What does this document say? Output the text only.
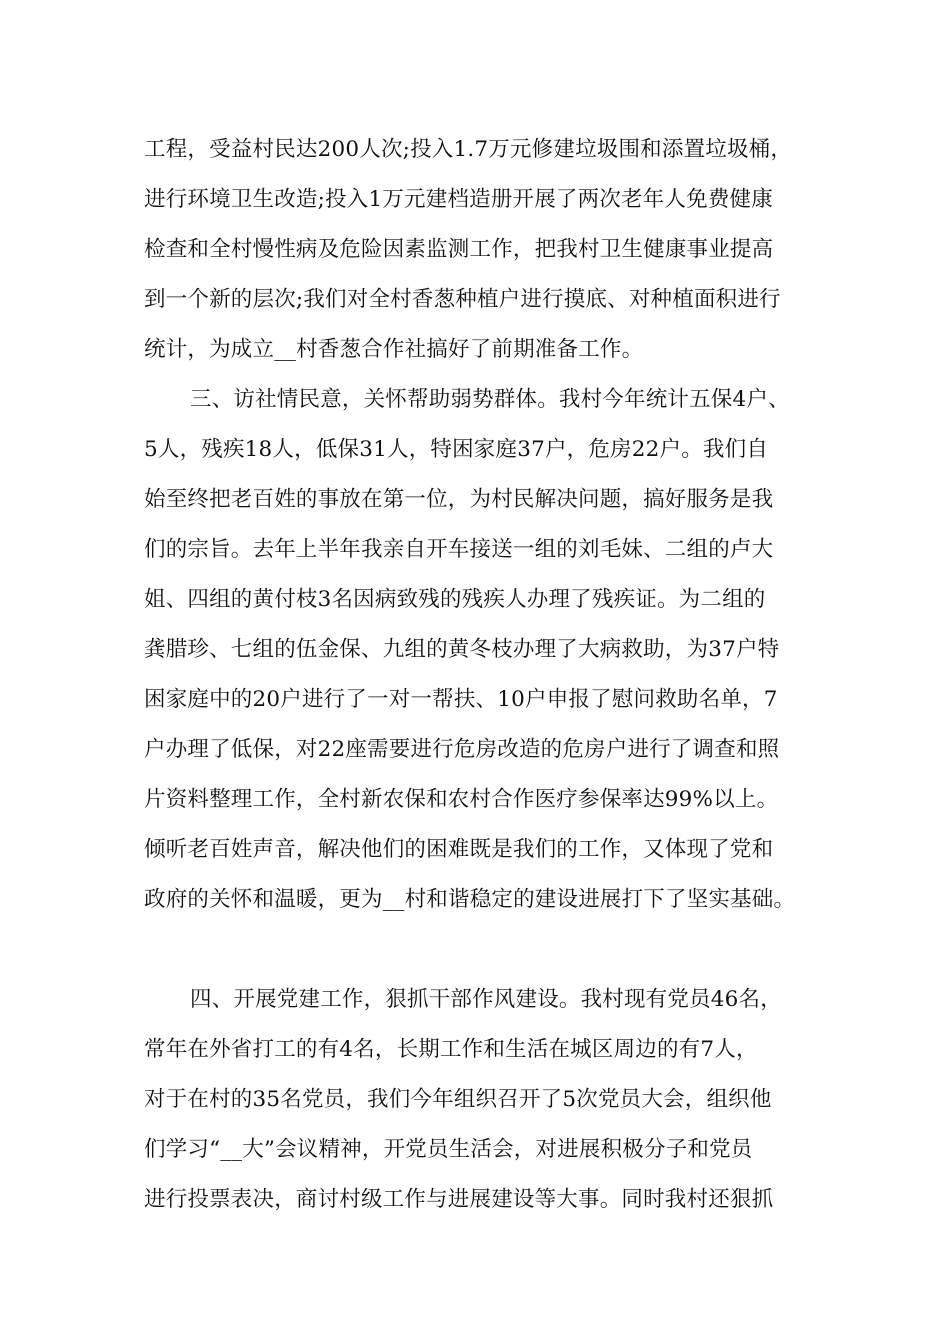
工程，受益村民达200人次;投入1.7万元修建垃圾围和添置垃圾桶，
进行环境卫生改造;投入1万元建档造册开展了两次老年人免费健康
检查和全村慢性病及危险因素监测工作，把我村卫生健康事业提高
到一个新的层次;我们对全村香葱种植户进行摸底、对种植面积进行
统计，为成立__村香葱合作社搞好了前期准备工作。
三、访社情民意，关怀帮助弱势群体。我村今年统计五保4户、
5人，残疾18人，低保31人，特困家庭37户，危房22户。我们自
始至终把老百姓的事放在第一位，为村民解决问题，搞好服务是我
们的宗旨。去年上半年我亲自开车接送一组的刘毛妹、二组的卢大
姐、四组的黄付枝3名因病致残的残疾人办理了残疾证。为二组的
龚腊珍、七组的伍金保、九组的黄冬枝办理了大病救助，为37户特
困家庭中的20户进行了一对一帮扶、10户申报了慰问救助名单，7
户办理了低保，对22座需要进行危房改造的危房户进行了调查和照
片资料整理工作，全村新农保和农村合作医疗参保率达99%以上。
倾听老百姓声音，解决他们的困难既是我们的工作，又体现了党和
政府的关怀和温暖，更为__村和谐稳定的建设进展打下了坚实基础。
四、开展党建工作，狠抓干部作风建设。我村现有党员46名，
常年在外省打工的有4名，长期工作和生活在城区周边的有7人，
对于在村的35名党员，我们今年组织召开了5次党员大会，组织他
们学习“__大”会议精神，开党员生活会，对进展积极分子和党员
进行投票表决，商讨村级工作与进展建设等大事。同时我村还狠抓
